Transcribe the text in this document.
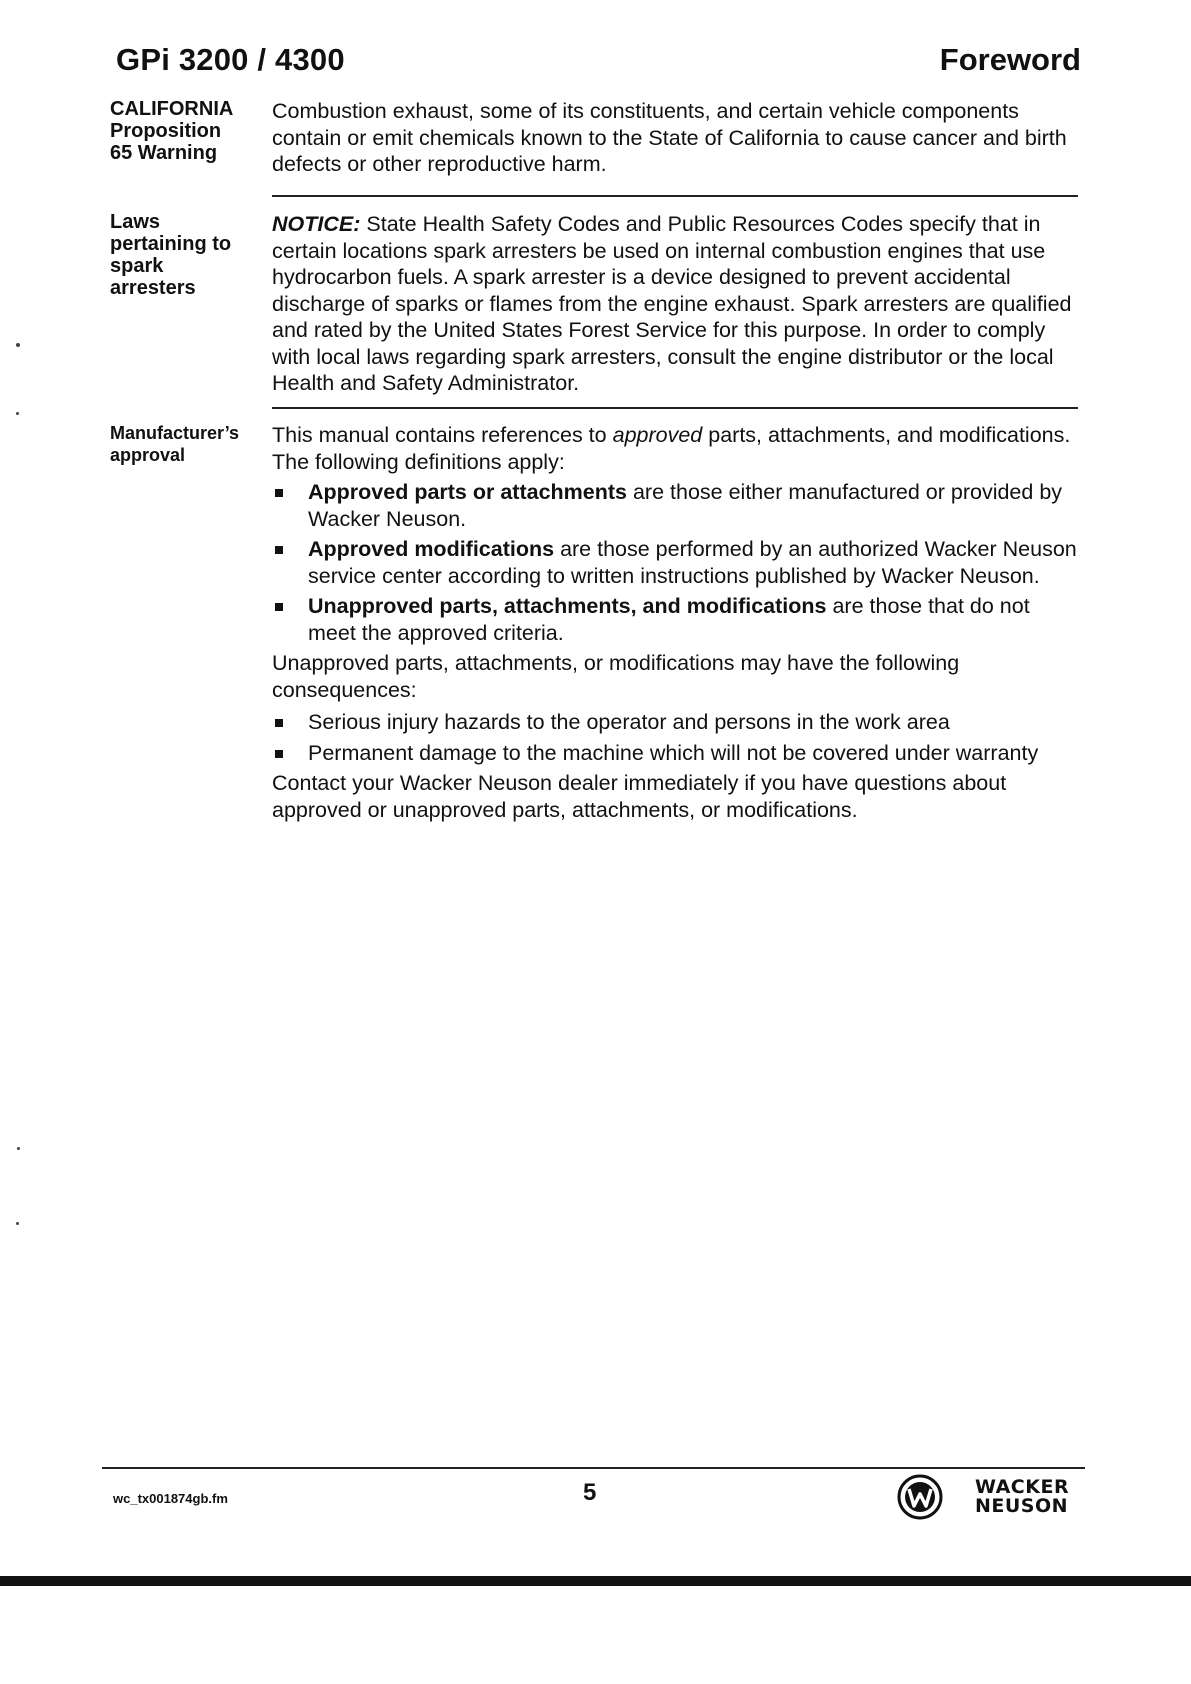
GPi 3200 / 4300	Foreword
CALIFORNIA
Proposition
65 Warning

Combustion exhaust, some of its constituents, and certain vehicle components contain or emit chemicals known to the State of California to cause cancer and birth defects or other reproductive harm.

Laws
pertaining to
spark
arresters

NOTICE: State Health Safety Codes and Public Resources Codes specify that in certain locations spark arresters be used on internal combustion engines that use hydrocarbon fuels. A spark arrester is a device designed to prevent accidental discharge of sparks or flames from the engine exhaust. Spark arresters are qualified and rated by the United States Forest Service for this purpose. In order to comply with local laws regarding spark arresters, consult the engine distributor or the local Health and Safety Administrator.

Manufacturer’s
approval

This manual contains references to approved parts, attachments, and modifications. The following definitions apply:

Approved parts or attachments are those either manufactured or provided by Wacker Neuson.
Approved modifications are those performed by an authorized Wacker Neuson service center according to written instructions published by Wacker Neuson.
Unapproved parts, attachments, and modifications are those that do not meet the approved criteria.

Unapproved parts, attachments, or modifications may have the following consequences:

Serious injury hazards to the operator and persons in the work area
Permanent damage to the machine which will not be covered under warranty

Contact your Wacker Neuson dealer immediately if you have questions about approved or unapproved parts, attachments, or modifications.

wc_tx001874gb.fm	5	WACKER
NEUSON
